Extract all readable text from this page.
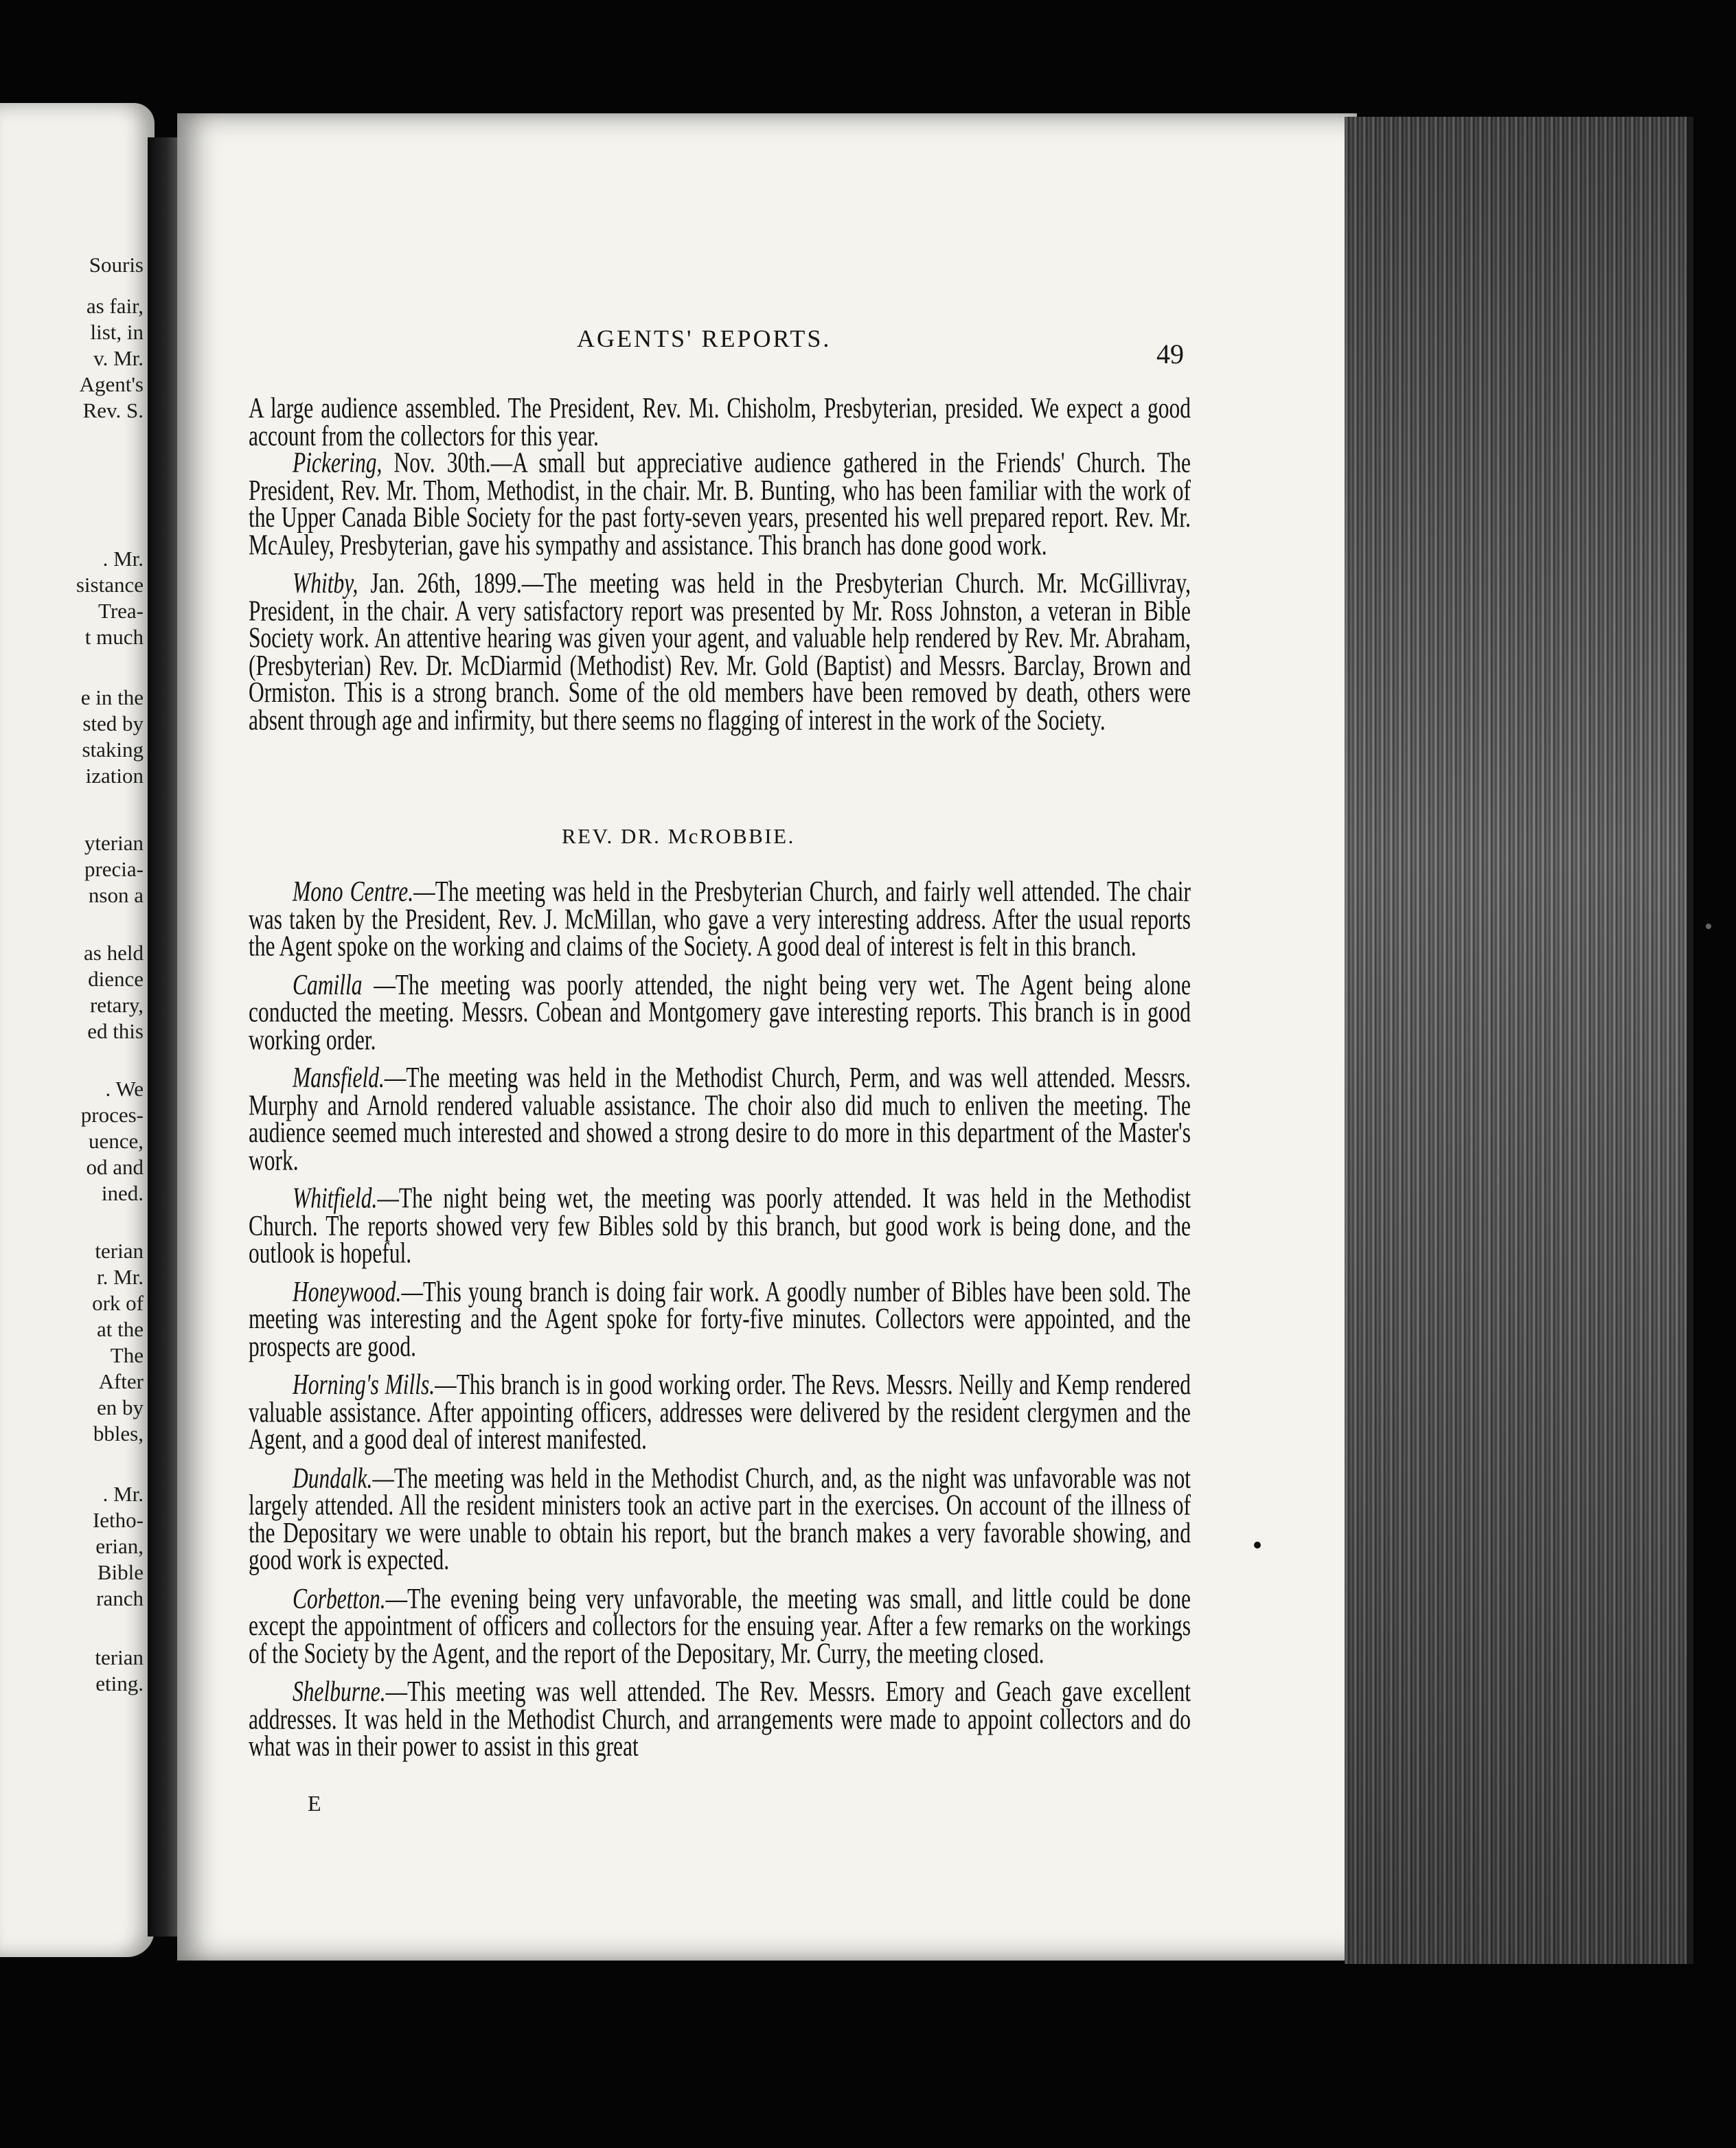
Souris
as fair,
list, in
v. Mr.
Agent's
Rev. S.
. Mr.
sistance
Trea-
t much
e in the
sted by
staking
ization
yterian
precia-
nson a
as held
dience
retary,
ed this
. We
proces-
uence,
od and
ined.
terian
r. Mr.
ork of
at the
The
After
en by
bbles,
. Mr.
Ietho-
erian,
Bible
ranch
terian
eting.
AGENTS' REPORTS.	49

A large audience assembled. The President, Rev. Mı. Chisholm, Presbyterian, presided. We expect a good account from the collectors for this year.

Pickering, Nov. 30th.—A small but appreciative audience gathered in the Friends' Church. The President, Rev. Mr. Thom, Methodist, in the chair. Mr. B. Bunting, who has been familiar with the work of the Upper Canada Bible Society for the past forty-seven years, presented his well prepared report. Rev. Mr. McAuley, Presbyterian, gave his sympathy and assistance. This branch has done good work.

Whitby, Jan. 26th, 1899.—The meeting was held in the Presbyterian Church. Mr. McGillivray, President, in the chair. A very satisfactory report was presented by Mr. Ross Johnston, a veteran in Bible Society work. An attentive hearing was given your agent, and valuable help rendered by Rev. Mr. Abraham, (Presbyterian) Rev. Dr. McDiarmid (Methodist) Rev. Mr. Gold (Baptist) and Messrs. Barclay, Brown and Ormiston. This is a strong branch. Some of the old members have been removed by death, others were absent through age and infirmity, but there seems no flagging of interest in the work of the Society.

REV. DR. McROBBIE.

Mono Centre.—The meeting was held in the Presbyterian Church, and fairly well attended. The chair was taken by the President, Rev. J. McMillan, who gave a very interesting address. After the usual reports the Agent spoke on the working and claims of the Society. A good deal of interest is felt in this branch.

Camilla —The meeting was poorly attended, the night being very wet. The Agent being alone conducted the meeting. Messrs. Cobean and Montgomery gave interesting reports. This branch is in good working order.

Mansfield.—The meeting was held in the Methodist Church, Perm, and was well attended. Messrs. Murphy and Arnold rendered valuable assistance. The choir also did much to enliven the meeting. The audience seemed much interested and showed a strong desire to do more in this department of the Master's work.

Whitfield.—The night being wet, the meeting was poorly attended. It was held in the Methodist Church. The reports showed very few Bibles sold by this branch, but good work is being done, and the outlook is hopeful.

Honeywood.—This young branch is doing fair work. A goodly number of Bibles have been sold. The meeting was interesting and the Agent spoke for forty-five minutes. Collectors were appointed, and the prospects are good.

Horning's Mills.—This branch is in good working order. The Revs. Messrs. Neilly and Kemp rendered valuable assistance. After appointing officers, addresses were delivered by the resident clergymen and the Agent, and a good deal of interest manifested.

Dundalk.—The meeting was held in the Methodist Church, and, as the night was unfavorable was not largely attended. All the resident ministers took an active part in the exercises. On account of the illness of the Depositary we were unable to obtain his report, but the branch makes a very favorable showing, and good work is expected.

Corbetton.—The evening being very unfavorable, the meeting was small, and little could be done except the appointment of officers and collectors for the ensuing year. After a few remarks on the workings of the Society by the Agent, and the report of the Depositary, Mr. Curry, the meeting closed.

Shelburne.—This meeting was well attended. The Rev. Messrs. Emory and Geach gave excellent addresses. It was held in the Methodist Church, and arrangements were made to appoint collectors and do what was in their power to assist in this great

E
